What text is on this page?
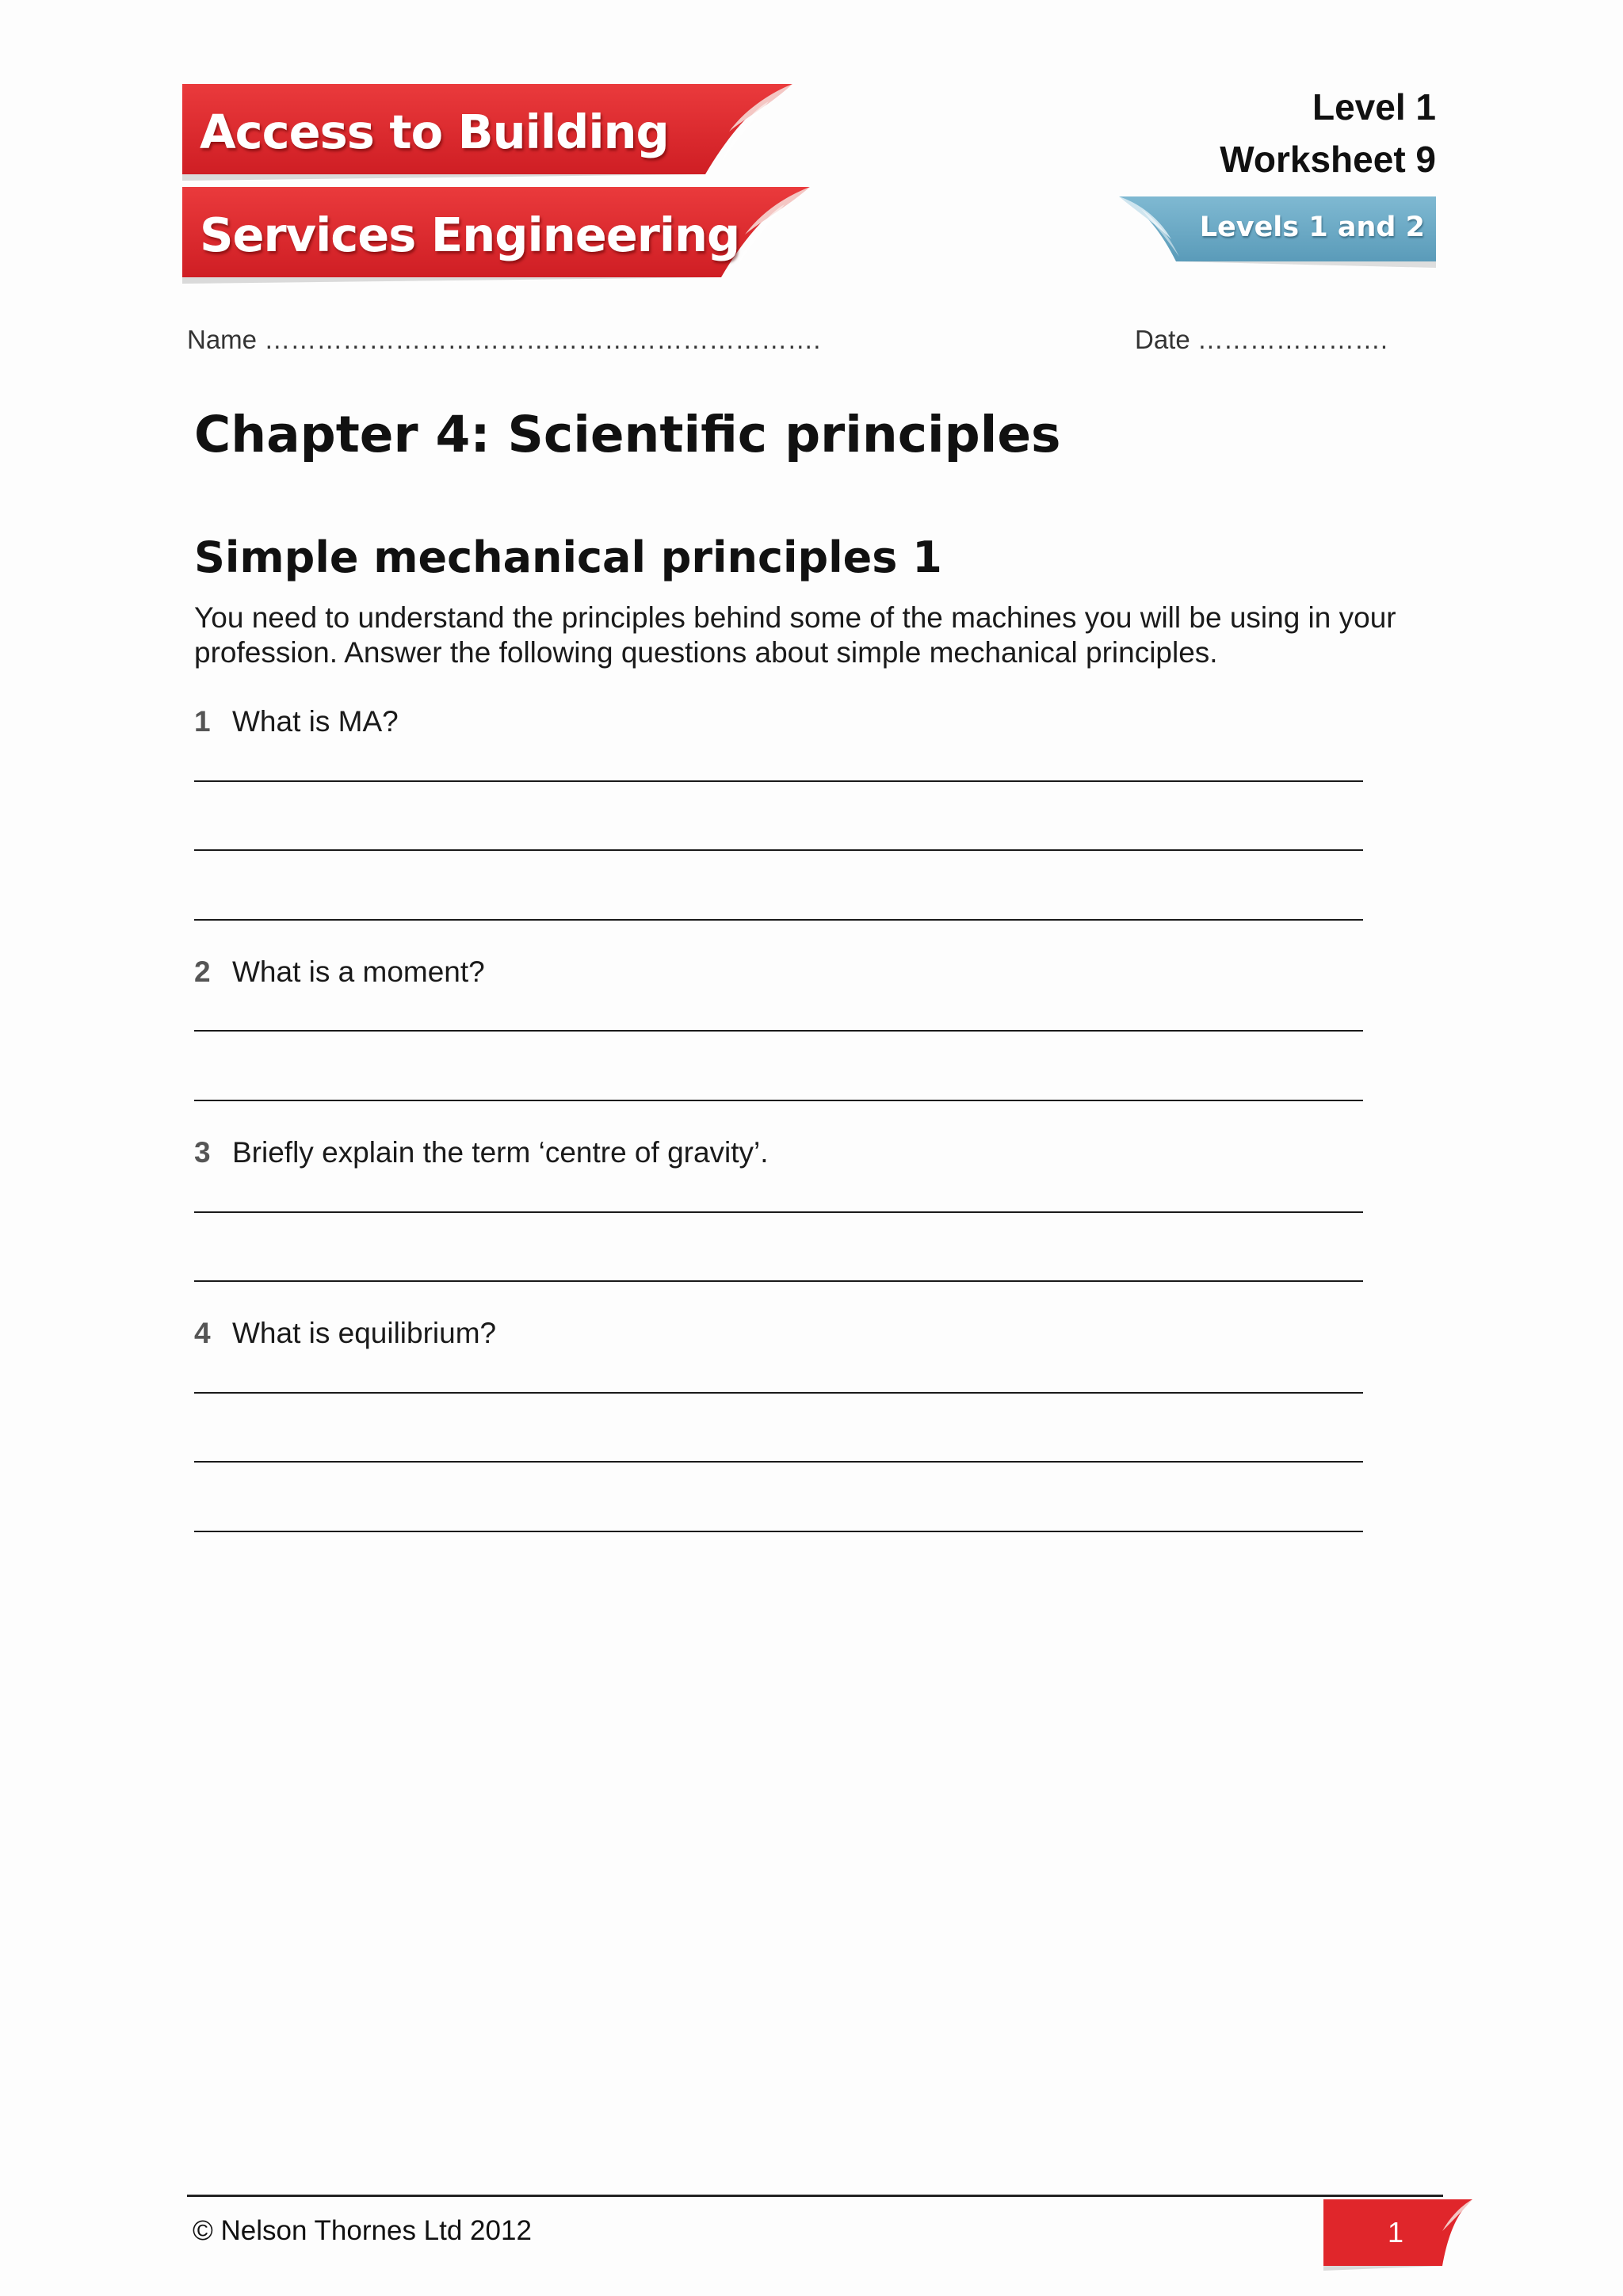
Access to Building
Services Engineering
Level 1
Worksheet 9
Levels 1 and 2
Name ……………………………………………………….	Date ………………….
Chapter 4: Scientific principles
Simple mechanical principles 1
You need to understand the principles behind some of the machines you will be using in your profession. Answer the following questions about simple mechanical principles.
1 What is MA?
2 What is a moment?
3 Briefly explain the term ‘centre of gravity’.
4 What is equilibrium?
© Nelson Thornes Ltd 2012	1
